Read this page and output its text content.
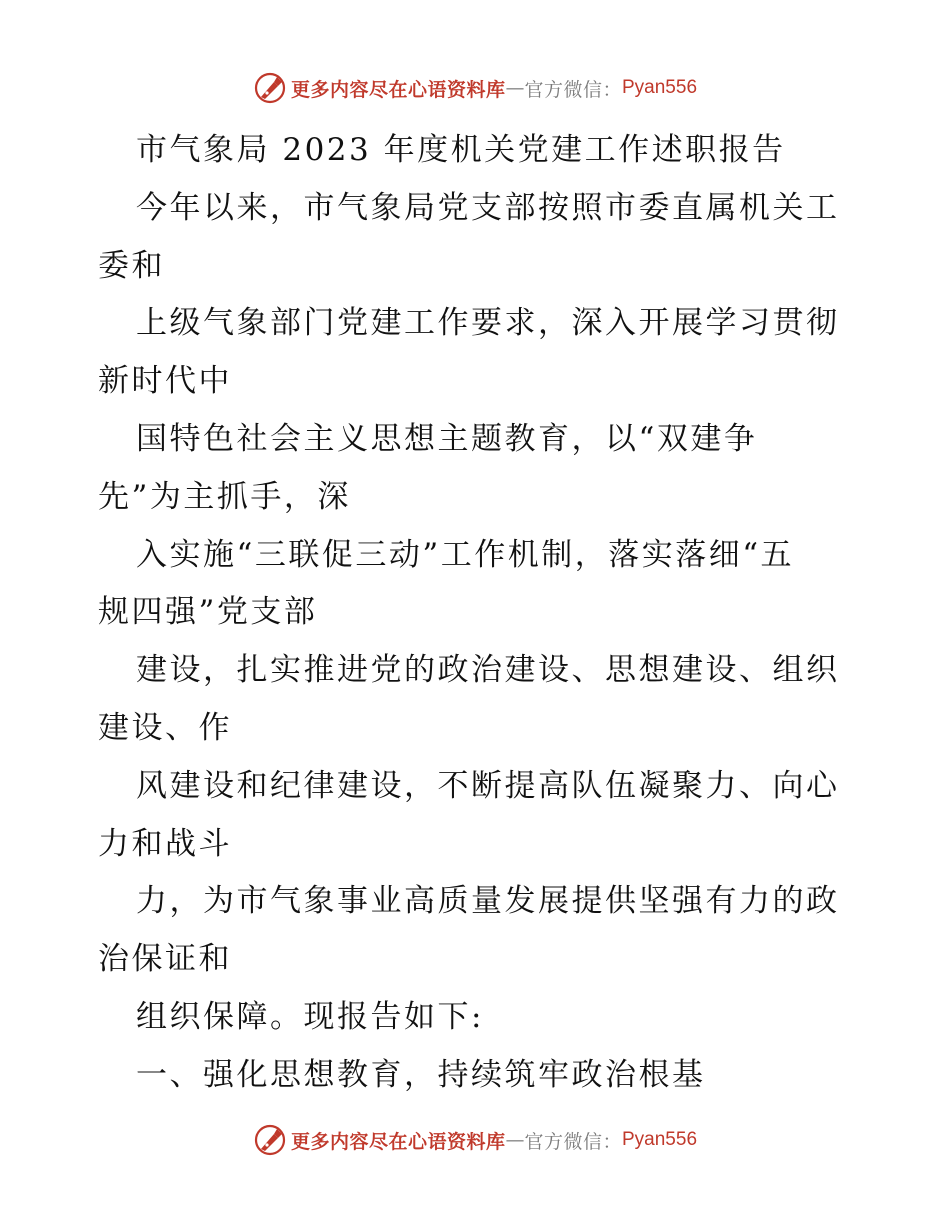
更多内容尽在心语资料库 — 官方微信： Pyan556
市气象局 2023 年度机关党建工作述职报告
今年以来，市气象局党支部按照市委直属机关工
委和
上级气象部门党建工作要求，深入开展学习贯彻
新时代中
国特色社会主义思想主题教育，以“双建争
先”为主抓手，深
入实施“三联促三动”工作机制，落实落细“五
规四强”党支部
建设，扎实推进党的政治建设、思想建设、组织
建设、作
风建设和纪律建设，不断提高队伍凝聚力、向心
力和战斗
力，为市气象事业高质量发展提供坚强有力的政
治保证和
组织保障。现报告如下:
一、强化思想教育，持续筑牢政治根基
更多内容尽在心语资料库 — 官方微信： Pyan556
